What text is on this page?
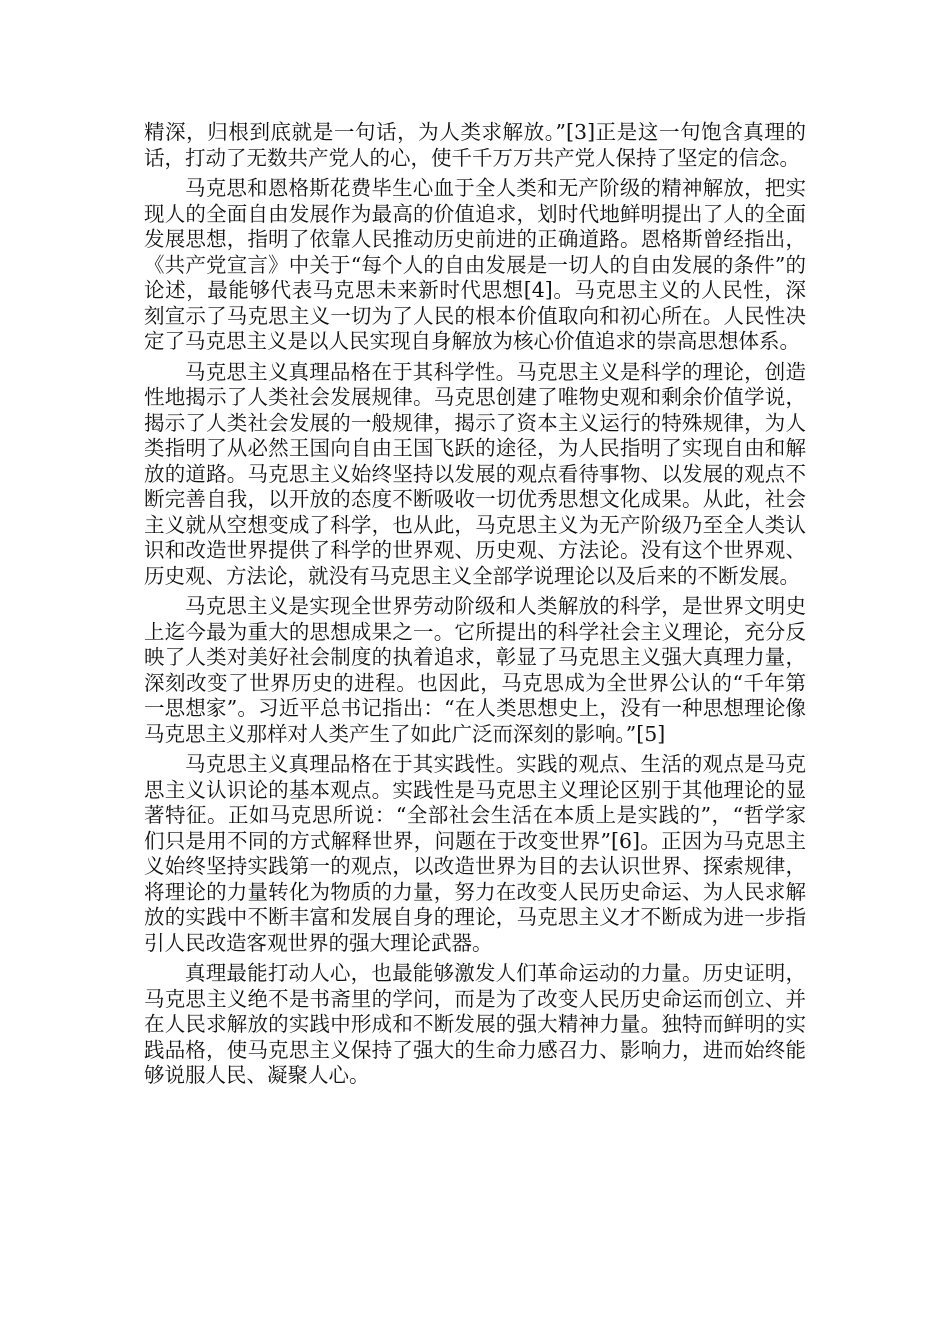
精深，归根到底就是一句话，为人类求解放。”[3]正是这一句饱含真理的话，打动了无数共产党人的心，使千千万万共产党人保持了坚定的信念。

马克思和恩格斯花费毕生心血于全人类和无产阶级的精神解放，把实现人的全面自由发展作为最高的价值追求，划时代地鲜明提出了人的全面发展思想，指明了依靠人民推动历史前进的正确道路。恩格斯曾经指出，《共产党宣言》中关于“每个人的自由发展是一切人的自由发展的条件”的论述，最能够代表马克思未来新时代思想[4]。马克思主义的人民性，深刻宣示了马克思主义一切为了人民的根本价值取向和初心所在。人民性决定了马克思主义是以人民实现自身解放为核心价值追求的崇高思想体系。

马克思主义真理品格在于其科学性。马克思主义是科学的理论，创造性地揭示了人类社会发展规律。马克思创建了唯物史观和剩余价值学说，揭示了人类社会发展的一般规律，揭示了资本主义运行的特殊规律，为人类指明了从必然王国向自由王国飞跃的途径，为人民指明了实现自由和解放的道路。马克思主义始终坚持以发展的观点看待事物、以发展的观点不断完善自我，以开放的态度不断吸收一切优秀思想文化成果。从此，社会主义就从空想变成了科学，也从此，马克思主义为无产阶级乃至全人类认识和改造世界提供了科学的世界观、历史观、方法论。没有这个世界观、历史观、方法论，就没有马克思主义全部学说理论以及后来的不断发展。

马克思主义是实现全世界劳动阶级和人类解放的科学，是世界文明史上迄今最为重大的思想成果之一。它所提出的科学社会主义理论，充分反映了人类对美好社会制度的执着追求，彰显了马克思主义强大真理力量，深刻改变了世界历史的进程。也因此，马克思成为全世界公认的“千年第一思想家”。习近平总书记指出：“在人类思想史上，没有一种思想理论像马克思主义那样对人类产生了如此广泛而深刻的影响。”[5]

马克思主义真理品格在于其实践性。实践的观点、生活的观点是马克思主义认识论的基本观点。实践性是马克思主义理论区别于其他理论的显著特征。正如马克思所说：“全部社会生活在本质上是实践的”，“哲学家们只是用不同的方式解释世界，问题在于改变世界”[6]。正因为马克思主义始终坚持实践第一的观点，以改造世界为目的去认识世界、探索规律，将理论的力量转化为物质的力量，努力在改变人民历史命运、为人民求解放的实践中不断丰富和发展自身的理论，马克思主义才不断成为进一步指引人民改造客观世界的强大理论武器。

真理最能打动人心，也最能够激发人们革命运动的力量。历史证明，马克思主义绝不是书斋里的学问，而是为了改变人民历史命运而创立、并在人民求解放的实践中形成和不断发展的强大精神力量。独特而鲜明的实践品格，使马克思主义保持了强大的生命力感召力、影响力，进而始终能够说服人民、凝聚人心。
